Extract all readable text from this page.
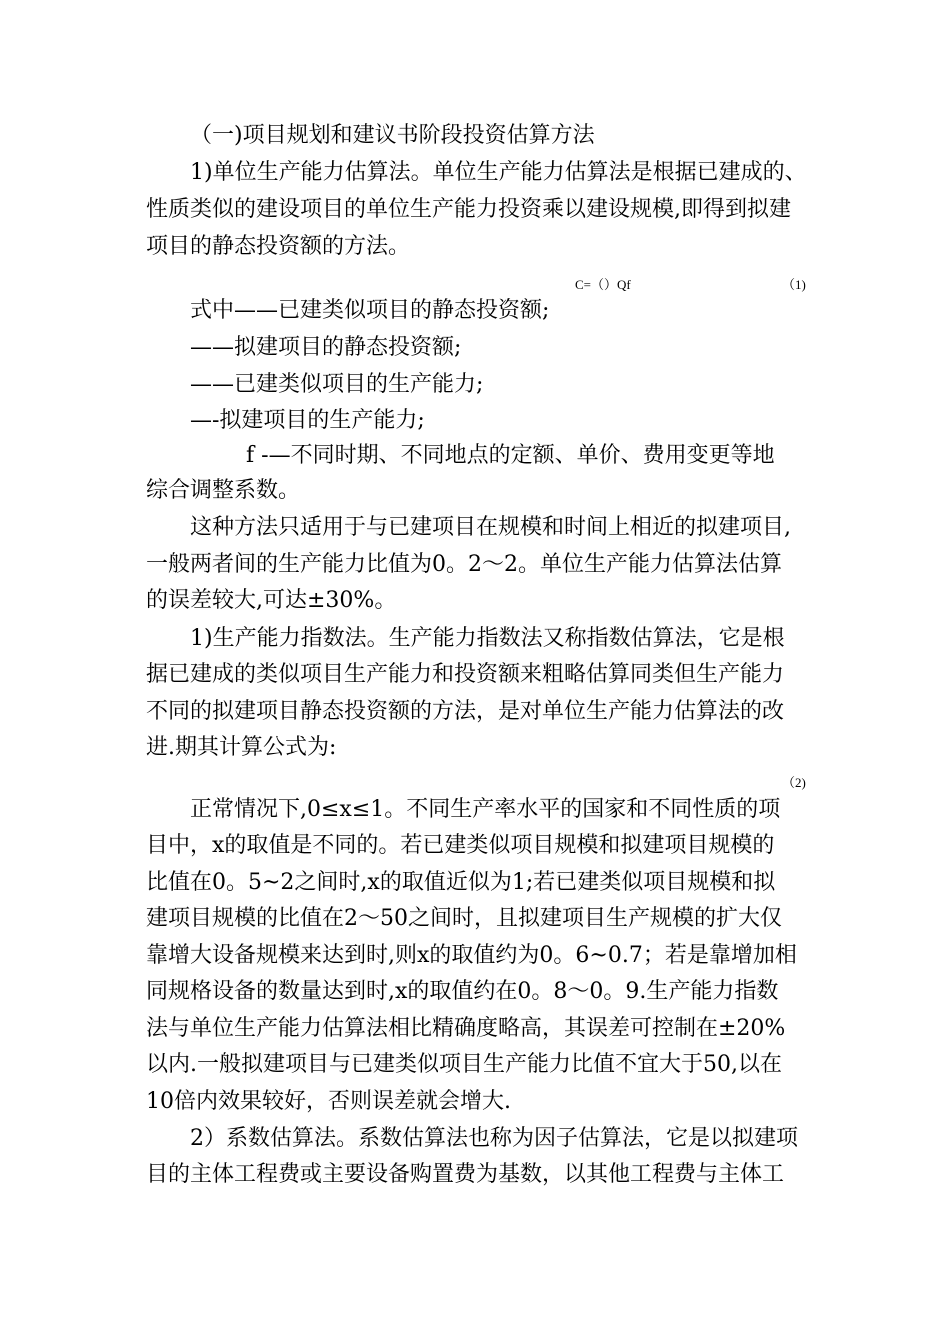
（一)项目规划和建议书阶段投资估算方法
1)单位生产能力估算法。单位生产能力估算法是根据已建成的、
性质类似的建设项目的单位生产能力投资乘以建设规模,即得到拟建
项目的静态投资额的方法。
C=（）Qf	（1)
式中——已建类似项目的静态投资额;
——拟建项目的静态投资额;
——已建类似项目的生产能力;
—-拟建项目的生产能力;
f -—不同时期、不同地点的定额、单价、费用变更等地
综合调整系数。
这种方法只适用于与已建项目在规模和时间上相近的拟建项目,
一般两者间的生产能力比值为0。2～2。单位生产能力估算法估算
的误差较大,可达±30%。
1)生产能力指数法。生产能力指数法又称指数估算法，它是根
据已建成的类似项目生产能力和投资额来粗略估算同类但生产能力
不同的拟建项目静态投资额的方法，是对单位生产能力估算法的改
进.期其计算公式为:
（2)
正常情况下,0≤x≤1。不同生产率水平的国家和不同性质的项
目中，x的取值是不同的。若已建类似项目规模和拟建项目规模的
比值在0。5~2之间时,x的取值近似为1;若已建类似项目规模和拟
建项目规模的比值在2～50之间时，且拟建项目生产规模的扩大仅
靠增大设备规模来达到时,则x的取值约为0。6~0.7；若是靠增加相
同规格设备的数量达到时,x的取值约在0。8～0。9.生产能力指数
法与单位生产能力估算法相比精确度略高，其误差可控制在±20%
以内.一般拟建项目与已建类似项目生产能力比值不宜大于50,以在
10倍内效果较好，否则误差就会增大.
2）系数估算法。系数估算法也称为因子估算法，它是以拟建项
目的主体工程费或主要设备购置费为基数，以其他工程费与主体工
